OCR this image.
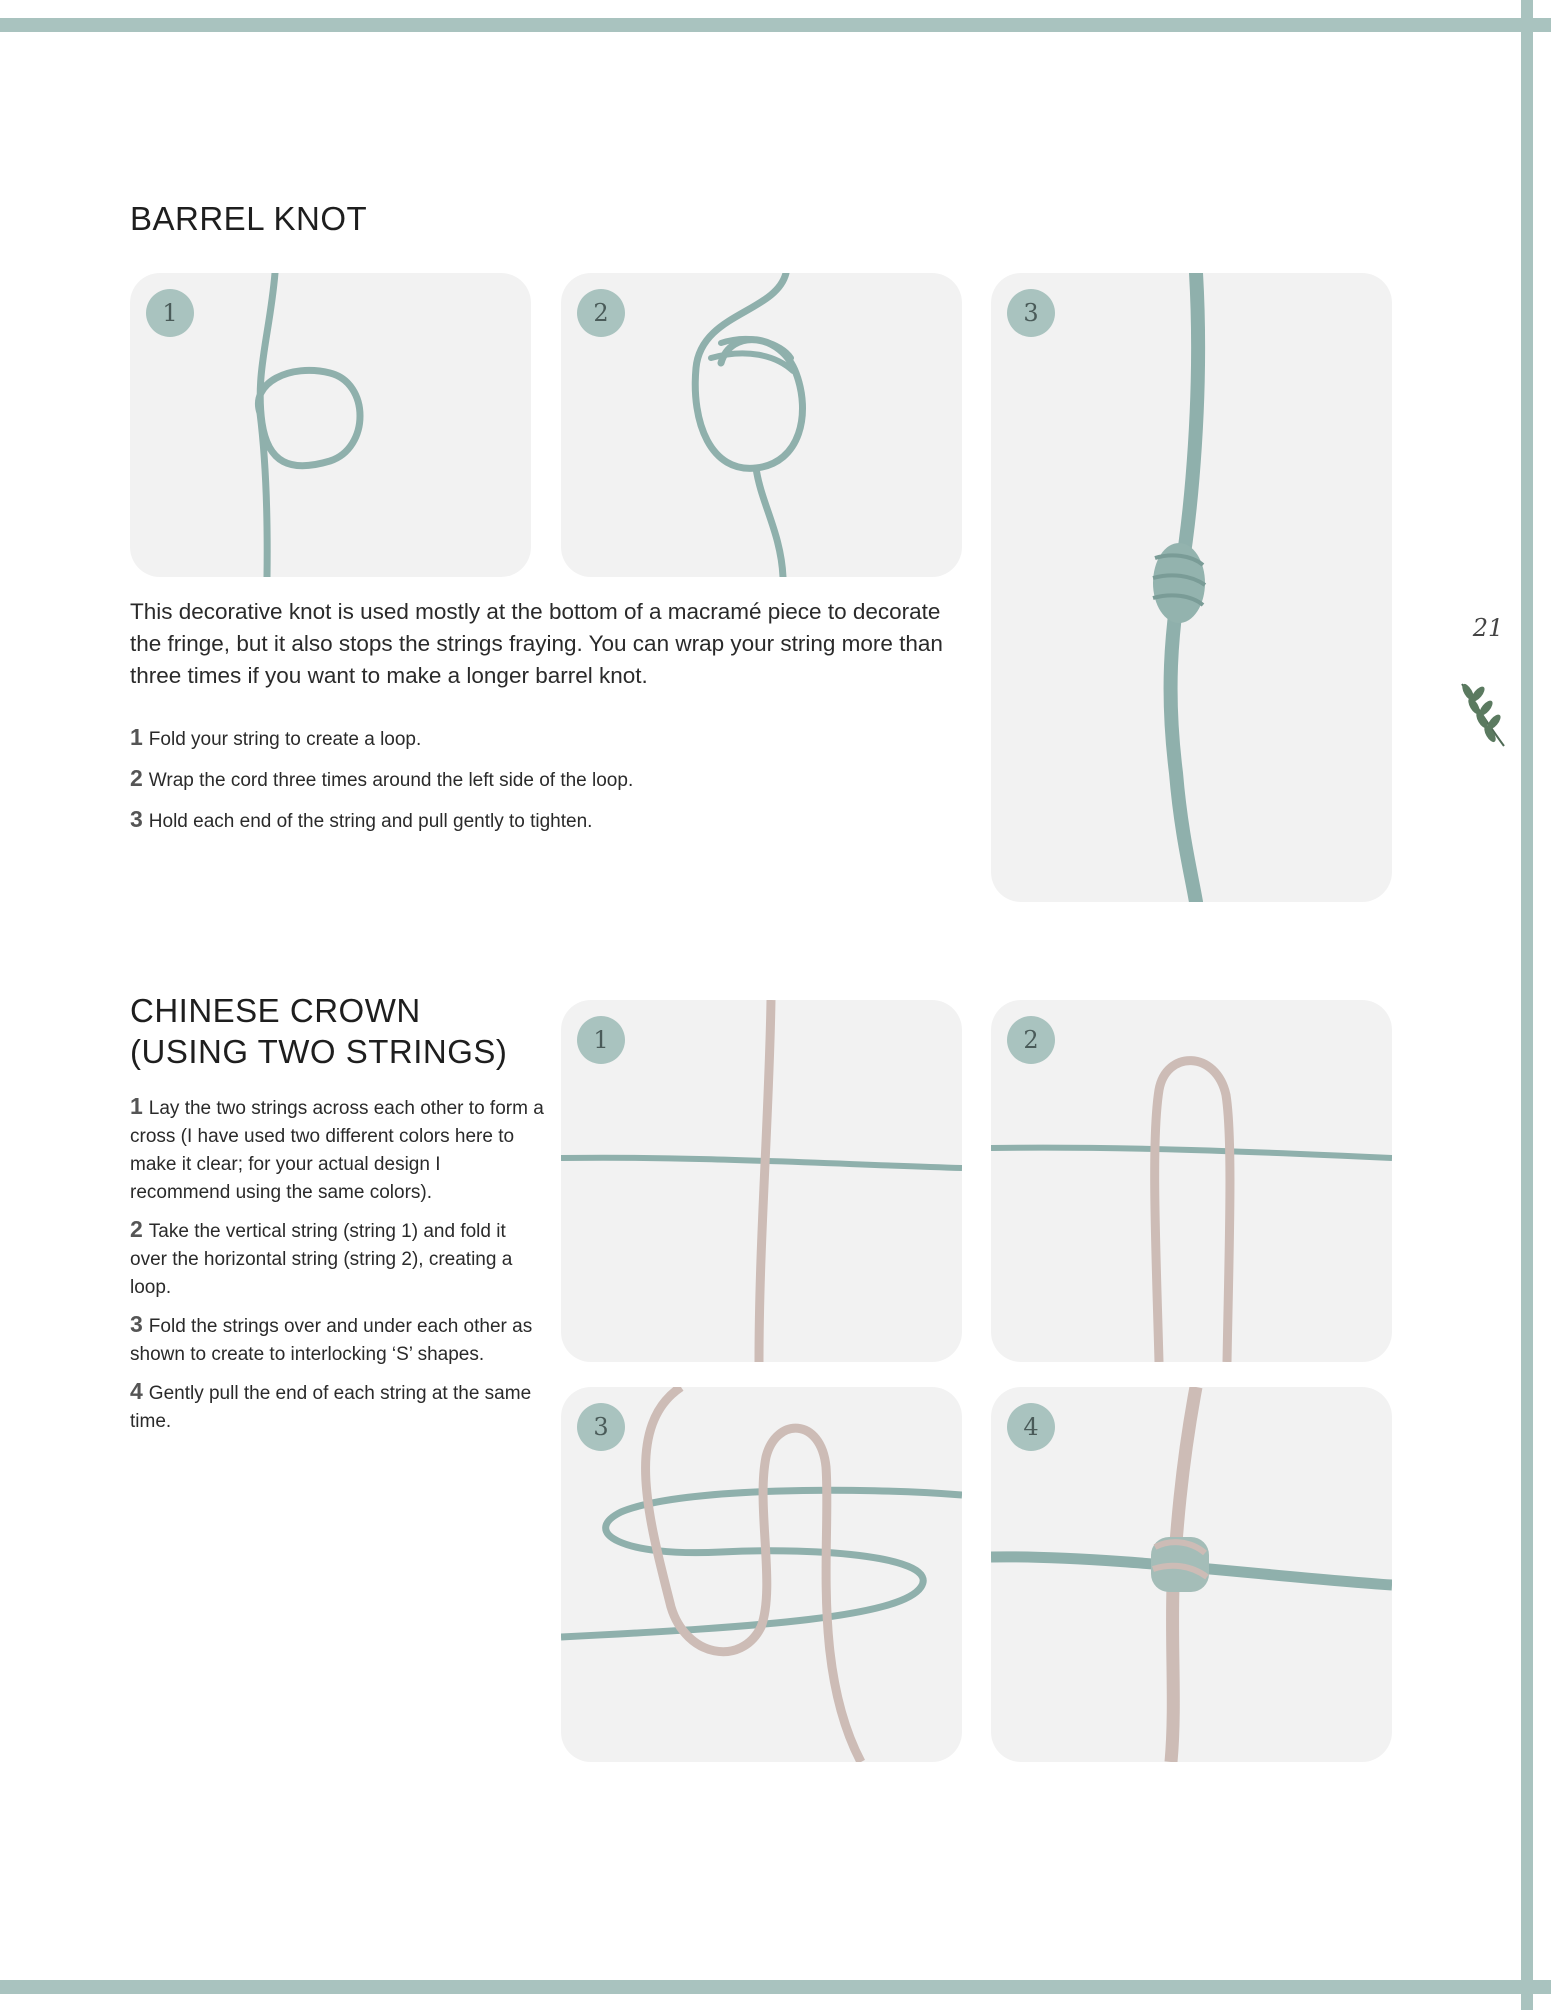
BARREL KNOT
1	2	3

This decorative knot is used mostly at the bottom of a macramé piece to decorate the fringe, but it also stops the strings fraying. You can wrap your string more than three times if you want to make a longer barrel knot.

1 Fold your string to create a loop.
2 Wrap the cord three times around the left side of the loop.
3 Hold each end of the string and pull gently to tighten.
CHINESE CROWN
(USING TWO STRINGS)
1 Lay the two strings across each other to form a cross (I have used two different colors here to make it clear; for your actual design I recommend using the same colors).
2 Take the vertical string (string 1) and fold it over the horizontal string (string 2), creating a loop.
3 Fold the strings over and under each other as shown to create to interlocking ‘S’ shapes.
4 Gently pull the end of each string at the same time.
1	2
3	4
21
